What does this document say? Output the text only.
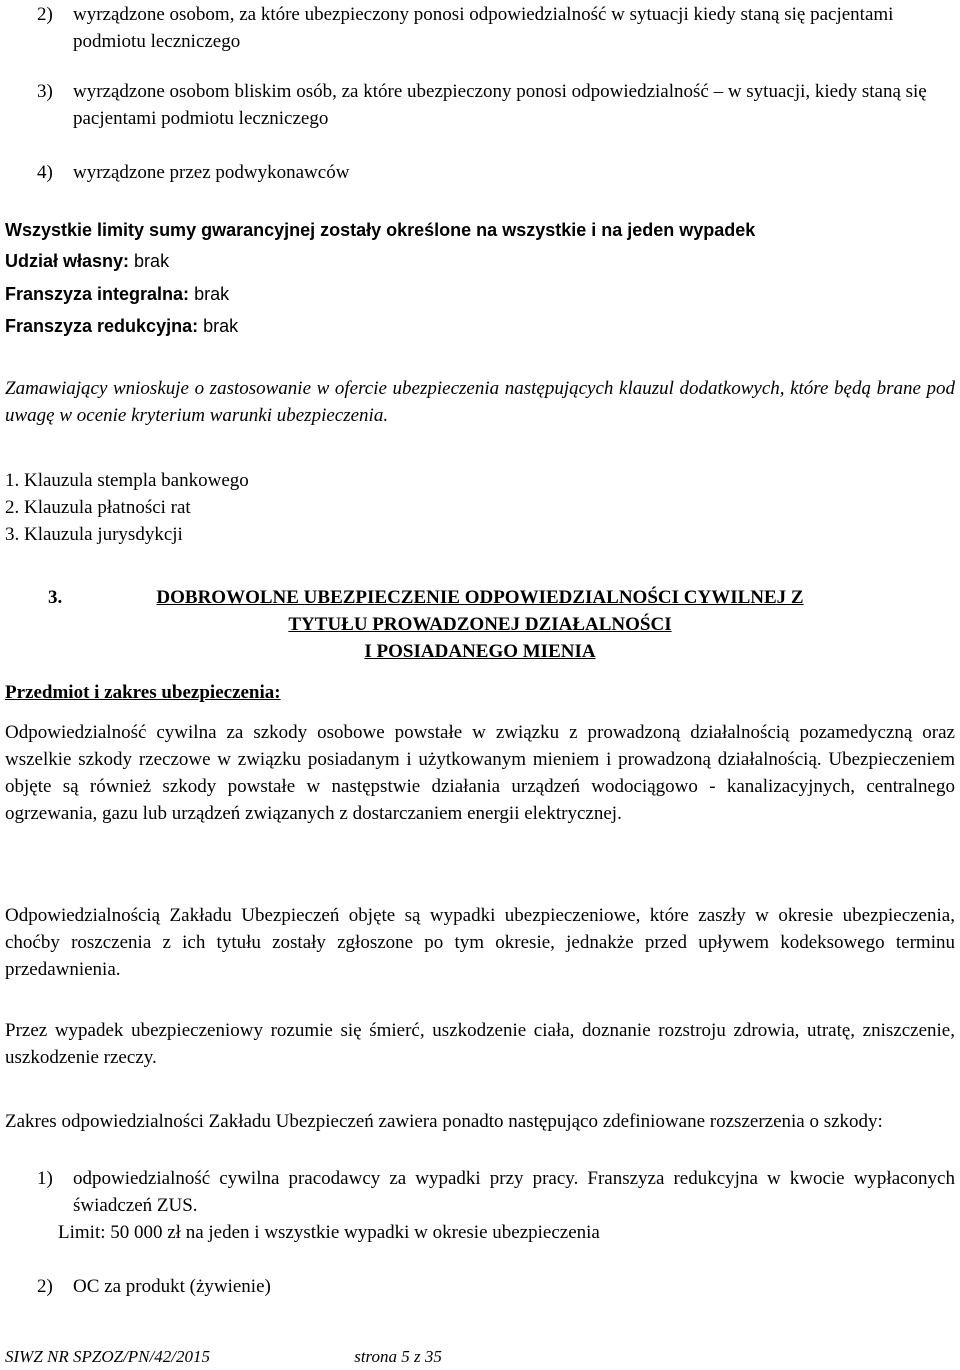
2) wyrządzone osobom, za które ubezpieczony ponosi odpowiedzialność w sytuacji kiedy staną się pacjentami podmiotu leczniczego
3) wyrządzone osobom bliskim osób, za które ubezpieczony ponosi odpowiedzialność – w sytuacji, kiedy staną się pacjentami podmiotu leczniczego
4) wyrządzone przez podwykonawców
Wszystkie limity sumy gwarancyjnej zostały określone na wszystkie i na jeden wypadek
Udział własny: brak
Franszyza integralna: brak
Franszyza redukcyjna: brak
Zamawiający wnioskuje o zastosowanie w ofercie ubezpieczenia następujących klauzul dodatkowych, które będą brane pod uwagę w ocenie kryterium warunki ubezpieczenia.
1. Klauzula stempla bankowego
2. Klauzula płatności rat
3. Klauzula jurysdykcji
3.	DOBROWOLNE UBEZPIECZENIE ODPOWIEDZIALNOŚCI CYWILNEJ Z
TYTUŁU PROWADZONEJ DZIAŁALNOŚCI
I POSIADANEGO MIENIA
Przedmiot i zakres ubezpieczenia:
Odpowiedzialność cywilna za szkody osobowe powstałe w związku z prowadzoną działalnością pozamedyczną oraz wszelkie szkody rzeczowe w związku posiadanym i użytkowanym mieniem i prowadzoną działalnością. Ubezpieczeniem objęte są również szkody powstałe w następstwie działania urządzeń wodociągowo - kanalizacyjnych, centralnego ogrzewania, gazu lub urządzeń związanych z dostarczaniem energii elektrycznej.
Odpowiedzialnością Zakładu Ubezpieczeń objęte są wypadki ubezpieczeniowe, które zaszły w okresie ubezpieczenia, choćby roszczenia z ich tytułu zostały zgłoszone po tym okresie, jednakże przed upływem kodeksowego terminu przedawnienia.
Przez wypadek ubezpieczeniowy rozumie się śmierć, uszkodzenie ciała, doznanie rozstroju zdrowia, utratę, zniszczenie, uszkodzenie rzeczy.
Zakres odpowiedzialności Zakładu Ubezpieczeń zawiera ponadto następująco zdefiniowane rozszerzenia o szkody:
1) odpowiedzialność cywilna pracodawcy za wypadki przy pracy. Franszyza redukcyjna w kwocie wypłaconych świadczeń ZUS.
Limit: 50 000 zł na jeden i wszystkie wypadki w okresie ubezpieczenia
2) OC za produkt (żywienie)
SIWZ NR SPZOZ/PN/42/2015	strona 5 z 35
